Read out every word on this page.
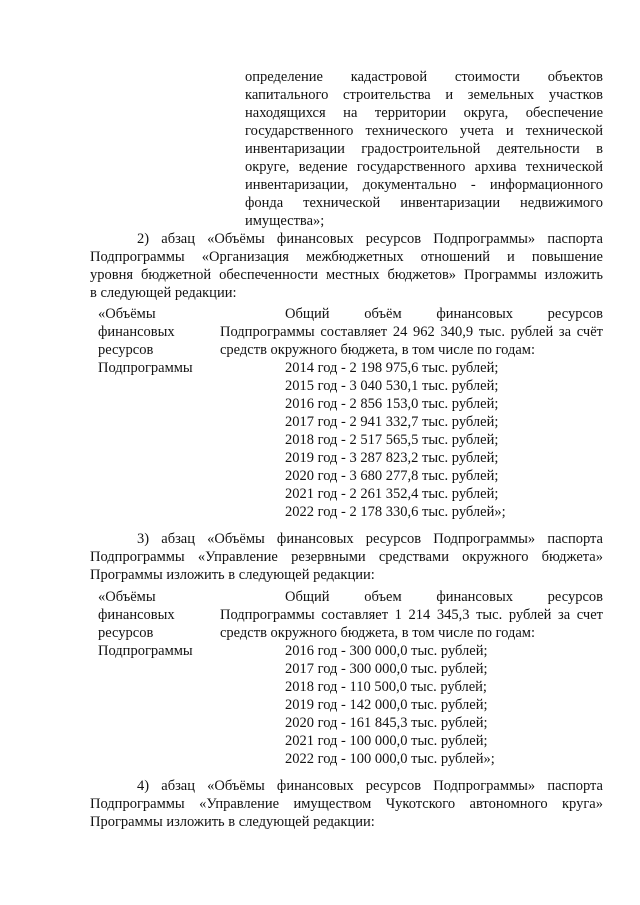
определение кадастровой стоимости объектов
капитального строительства и земельных участков
находящихся на территории округа, обеспечение
государственного технического учета и технической
инвентаризации градостроительной деятельности в
округе, ведение государственного архива технической
инвентаризации, документально - информационного
фонда технической инвентаризации недвижимого
имущества»;
2) абзац «Объёмы финансовых ресурсов Подпрограммы» паспорта
Подпрограммы «Организация межбюджетных отношений и повышение
уровня бюджетной обеспеченности местных бюджетов» Программы изложить
в следующей редакции:
«Объёмы
финансовых
ресурсов
Подпрограммы
Общий объём финансовых ресурсов
Подпрограммы составляет 24 962 340,9 тыс. рублей за счёт
средств окружного бюджета, в том числе по годам:
2014 год - 2 198 975,6 тыс. рублей;
2015 год - 3 040 530,1 тыс. рублей;
2016 год - 2 856 153,0 тыс. рублей;
2017 год - 2 941 332,7 тыс. рублей;
2018 год - 2 517 565,5 тыс. рублей;
2019 год - 3 287 823,2 тыс. рублей;
2020 год - 3 680 277,8 тыс. рублей;
2021 год - 2 261 352,4 тыс. рублей;
2022 год - 2 178 330,6 тыс. рублей»;
3) абзац «Объёмы финансовых ресурсов Подпрограммы» паспорта
Подпрограммы «Управление резервными средствами окружного бюджета»
Программы изложить в следующей редакции:
«Объёмы
финансовых
ресурсов
Подпрограммы
Общий объем финансовых ресурсов
Подпрограммы составляет 1 214 345,3 тыс. рублей за счет
средств окружного бюджета, в том числе по годам:
2016 год - 300 000,0 тыс. рублей;
2017 год - 300 000,0 тыс. рублей;
2018 год - 110 500,0 тыс. рублей;
2019 год - 142 000,0 тыс. рублей;
2020 год - 161 845,3 тыс. рублей;
2021 год - 100 000,0 тыс. рублей;
2022 год - 100 000,0 тыс. рублей»;
4) абзац «Объёмы финансовых ресурсов Подпрограммы» паспорта
Подпрограммы «Управление имуществом Чукотского автономного круга»
Программы изложить в следующей редакции:
